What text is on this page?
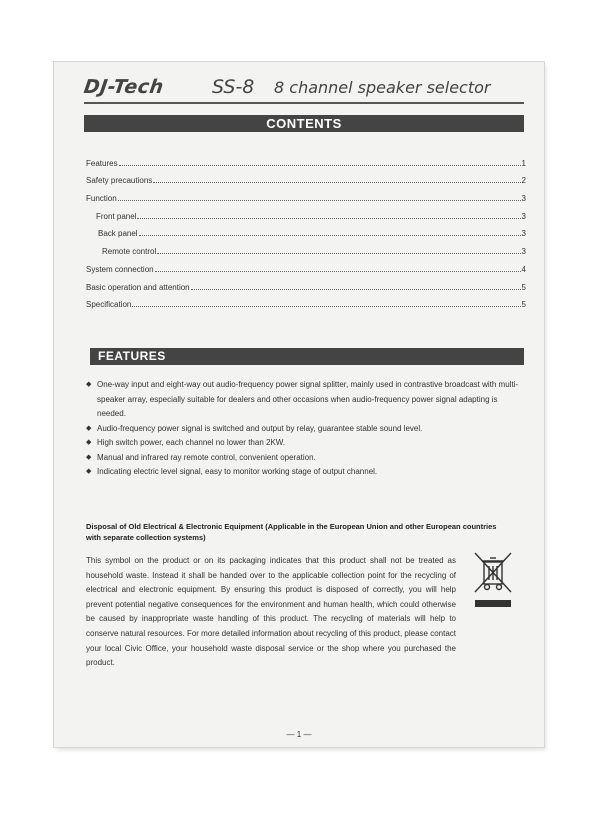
DJ-Tech SS-8 8 channel speaker selector
CONTENTS
Features	1
Safety precautions	2
Function	3
Front panel	3
Back panel	3
Remote control	3
System connection	4
Basic operation and attention	5
Specification	5
FEATURES
◆ One-way input and eight-way out audio-frequency power signal splitter, mainly used in contrastive broadcast with multi-speaker array, especially suitable for dealers and other occasions when audio-frequency power signal adapting is needed.
◆ Audio-frequency power signal is switched and output by relay, guarantee stable sound level.
◆ High switch power, each channel no lower than 2KW.
◆ Manual and infrared ray remote control, convenient operation.
◆ Indicating electric level signal, easy to monitor working stage of output channel.
Disposal of Old Electrical & Electronic Equipment (Applicable in the European Union and other European countries with separate collection systems)
This symbol on the product or on its packaging indicates that this product shall not be treated as household waste. Instead it shall be handed over to the applicable collection point for the recycling of electrical and electronic equipment. By ensuring this product is disposed of correctly, you will help prevent potential negative consequences for the environment and human health, which could otherwise be caused by inappropriate waste handling of this product. The recycling of materials will help to conserve natural resources. For more detailed information about recycling of this product, please contact your local Civic Office, your household waste disposal service or the shop where you purchased the product.
— 1 —
